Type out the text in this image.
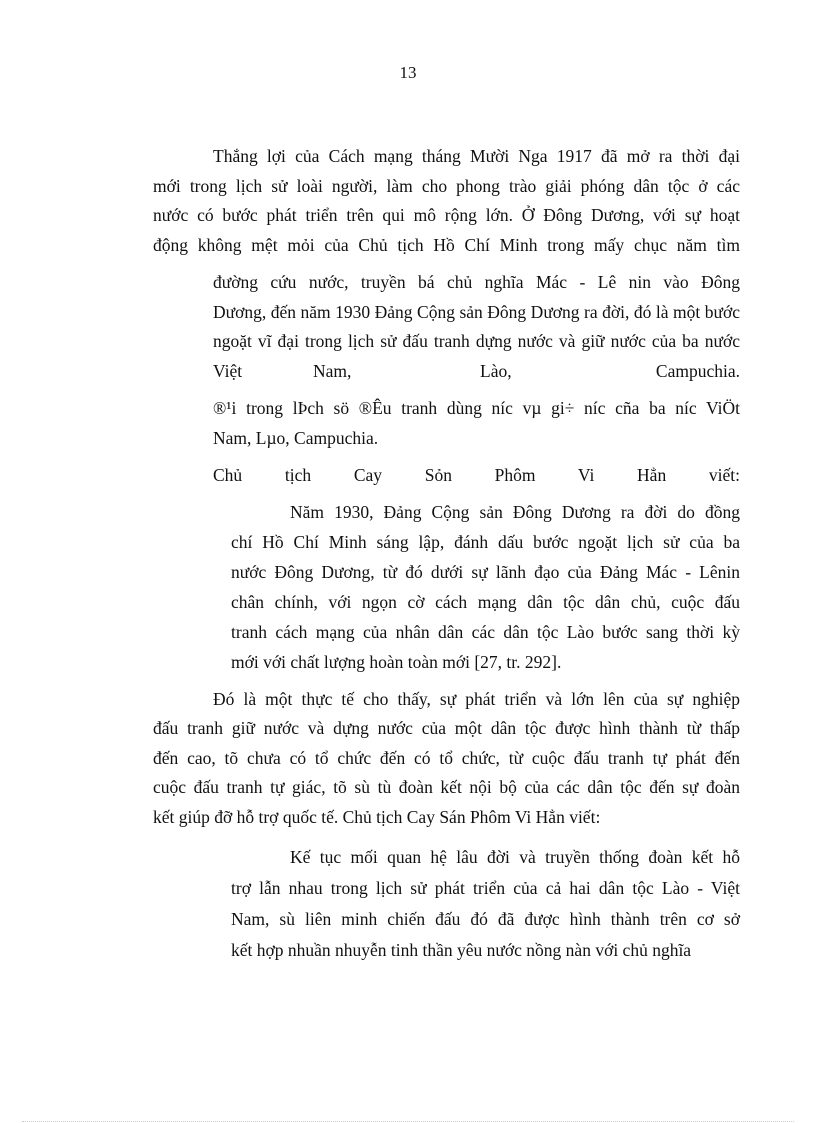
13
Thắng lợi của Cách mạng tháng Mười Nga 1917 đã mở ra thời đại
mới trong lịch sử loài người, làm cho phong trào giải phóng dân tộc ở các
nước có bước phát triển trên qui mô rộng lớn. Ở Đông Dương, với sự hoạt
động không mệt mỏi của Chủ tịch Hồ Chí Minh trong mấy chục năm tìm
đường cứu nước, truyền bá chủ nghĩa Mác - Lê nin vào Đông
Dương, đến năm 1930 Đảng Cộng sản Đông Dương ra đời, đó là một bước
ngoặt vĩ đại trong lịch sử đấu tranh dựng nước và giữ nước của ba nước
Việt	Nam,	Lào,	Campuchia.
®¹i trong lÞch sö ®Êu tranh dùng níc vµ gi÷ níc cña ba níc ViÖt
Nam, Lµo, Campuchia.
Chủ tịch Cay Sỏn Phôm Vi Hẳn viết:
Năm 1930, Đảng Cộng sản Đông Dương ra đời do đồng
chí Hồ Chí Minh sáng lập, đánh dấu bước ngoặt lịch sử của ba
nước Đông Dương, từ đó dưới sự lãnh đạo của Đảng Mác - Lênin
chân chính, với ngọn cờ cách mạng dân tộc dân chủ, cuộc đấu
tranh cách mạng của nhân dân các dân tộc Lào bước sang thời kỳ
mới với chất lượng hoàn toàn mới [27, tr. 292].
Đó là một thực tế cho thấy, sự phát triển và lớn lên của sự nghiệp
đấu tranh giữ nước và dựng nước của một dân tộc được hình thành từ thấp
đến cao, tõ chưa có tổ chức đến có tổ chức, từ cuộc đấu tranh tự phát đến
cuộc đấu tranh tự giác, tõ sù tù đoàn kết nội bộ của các dân tộc đến sự đoàn
kết giúp đỡ hỗ trợ quốc tế. Chủ tịch Cay Sán Phôm Vi Hẳn viết:
Kế tục mối quan hệ lâu đời và truyền thống đoàn kết hỗ
trợ lẫn nhau trong lịch sử phát triển của cả hai dân tộc Lào - Việt
Nam, sù liên minh chiến đấu đó đã được hình thành trên cơ sở
kết hợp nhuần nhuyễn tinh thần yêu nước nồng nàn với chủ nghĩa
